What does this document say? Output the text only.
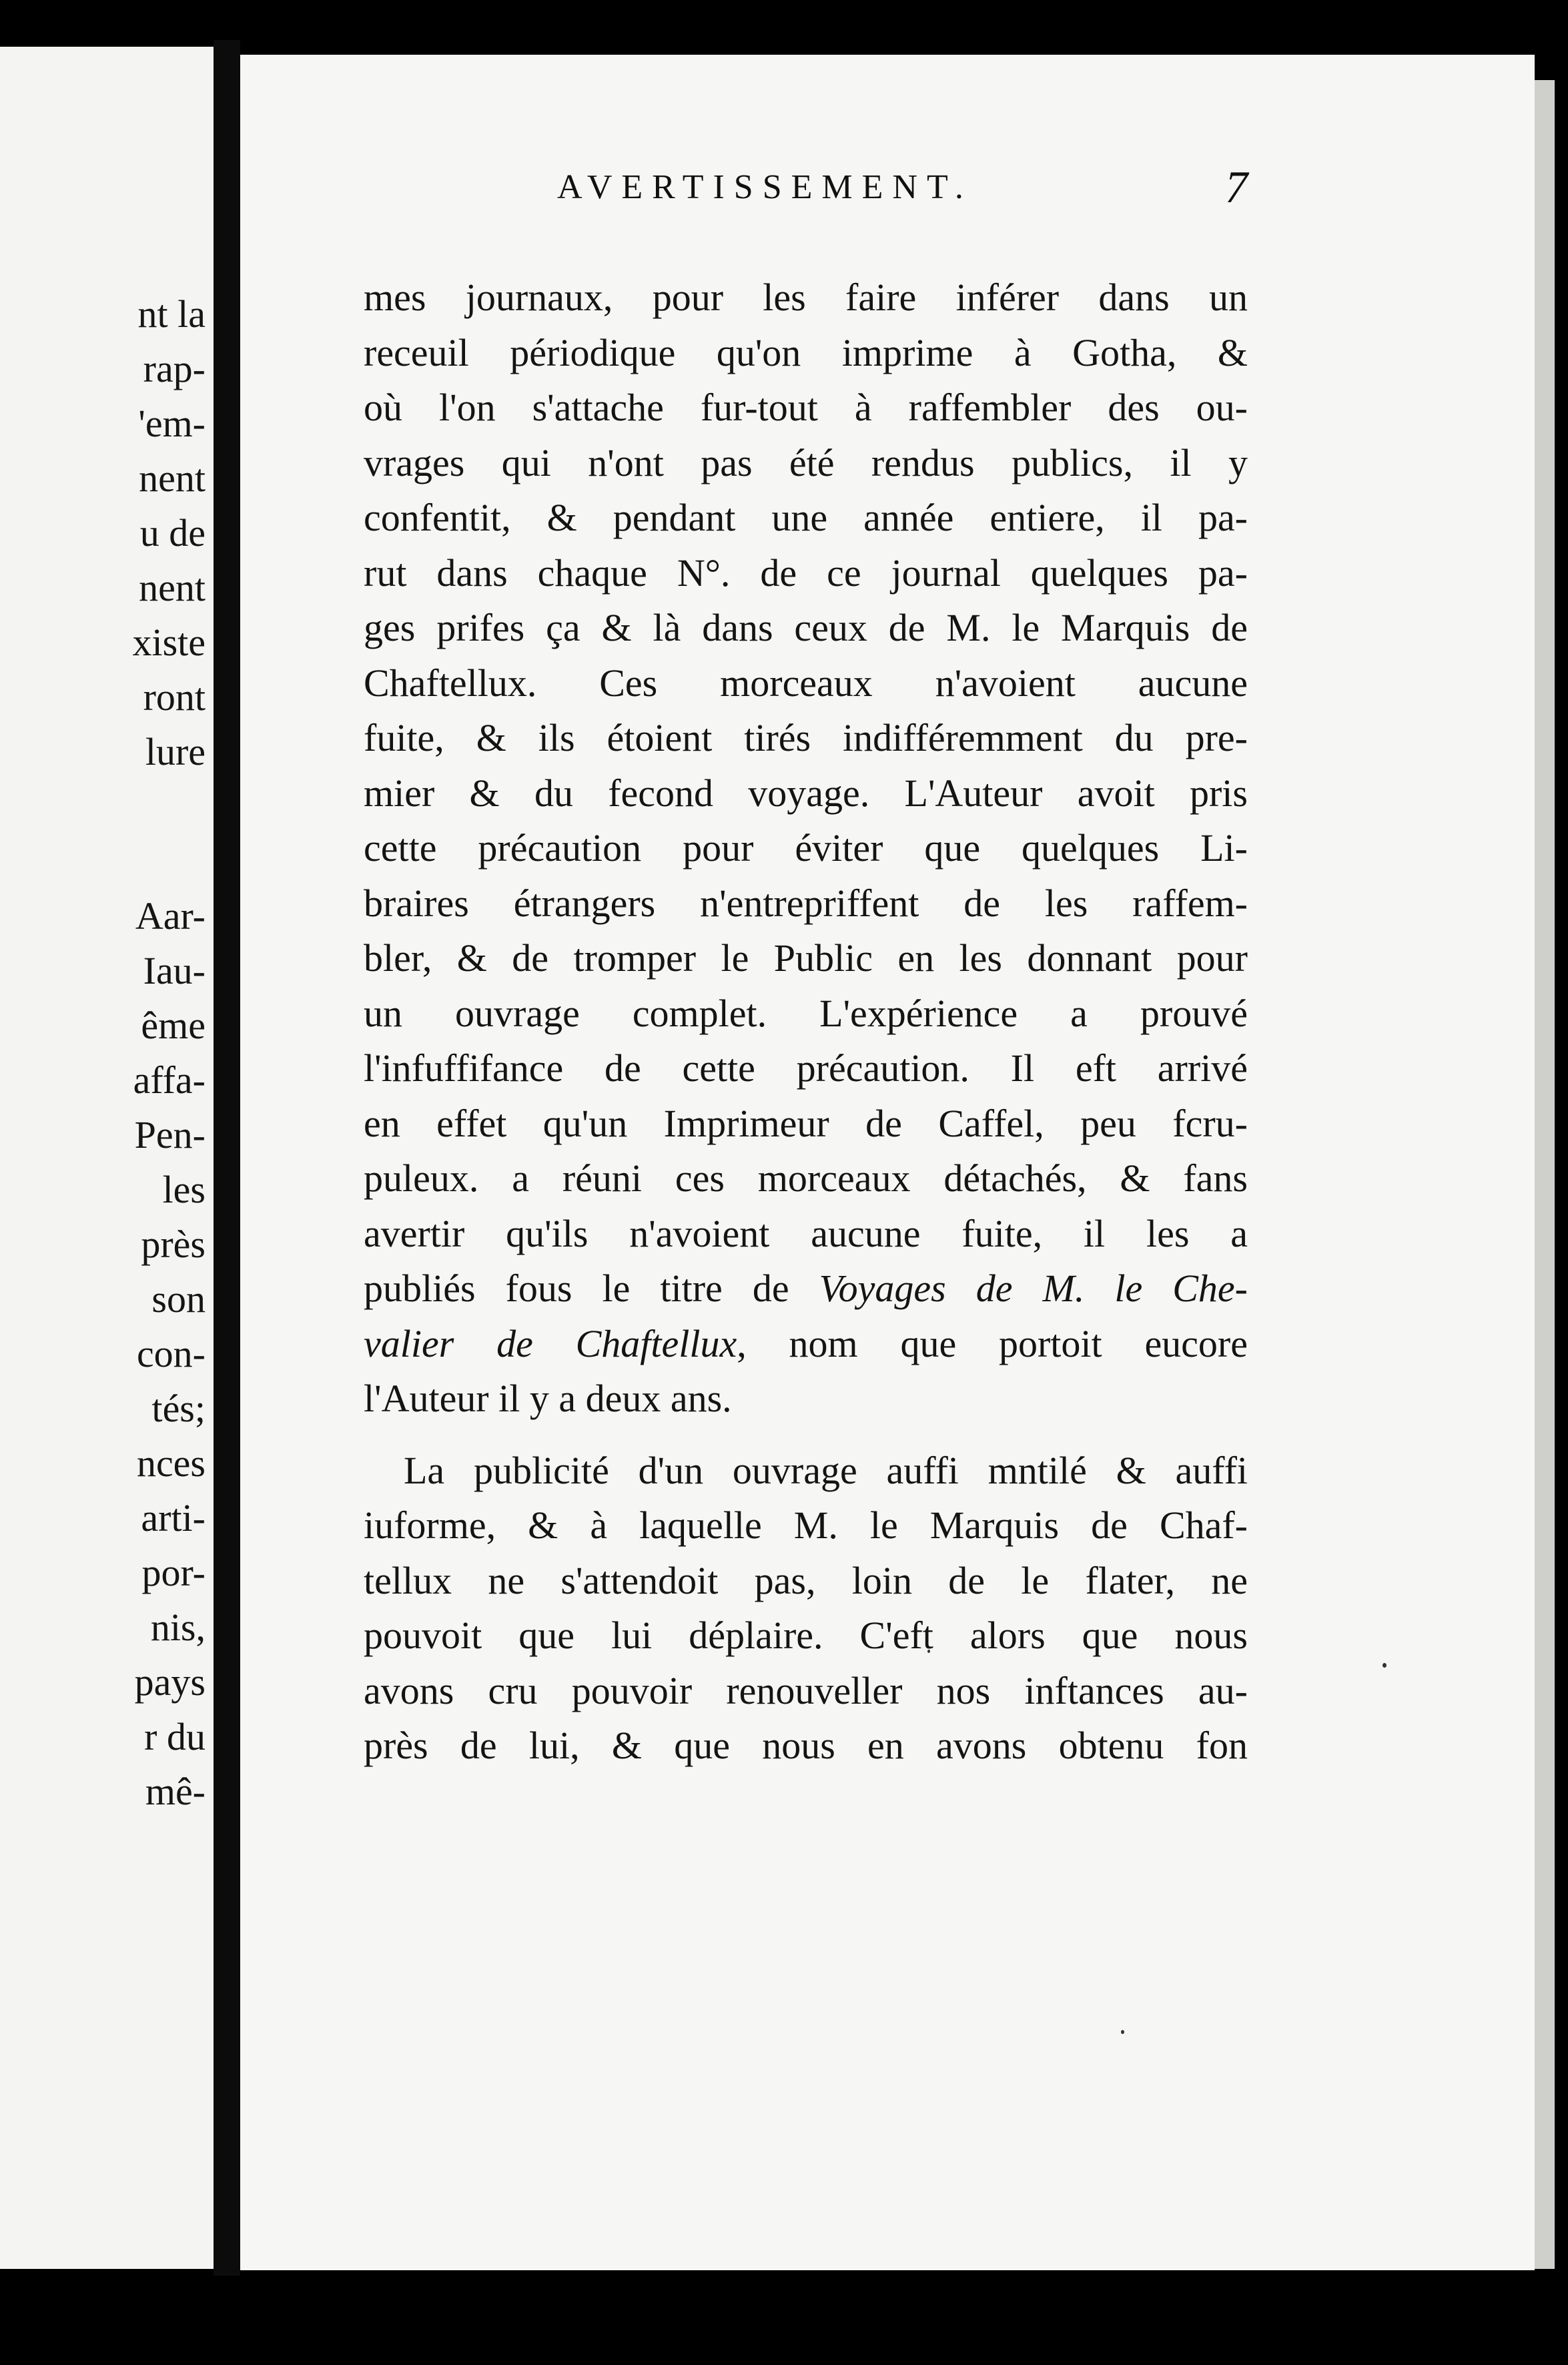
nt la
rap-
'em-
nent
u de
nent
xiste
ront
lure
Aar-
Iau-
ême
affa-
Pen-
les
près
son
con-
tés;
nces
arti-
por-
nis,
pays
r du
mê-
AVERTISSEMENT.	7
mes journaux, pour les faire inférer dans un
receuil périodique qu'on imprime à Gotha, &
où l'on s'attache fur-tout à raffembler des ou-
vrages qui n'ont pas été rendus publics, il y
confentit, & pendant une année entiere, il pa-
rut dans chaque N°. de ce journal quelques pa-
ges prifes ça & là dans ceux de M. le Marquis de
Chaftellux. Ces morceaux n'avoient aucune
fuite, & ils étoient tirés indifféremment du pre-
mier & du fecond voyage. L'Auteur avoit pris
cette précaution pour éviter que quelques Li-
braires étrangers n'entrepriffent de les raffem-
bler, & de tromper le Public en les donnant pour
un ouvrage complet. L'expérience a prouvé
l'infuffifance de cette précaution. Il eft arrivé
en effet qu'un Imprimeur de Caffel, peu fcru-
puleux. a réuni ces morceaux détachés, & fans
avertir qu'ils n'avoient aucune fuite, il les a
publiés fous le titre de Voyages de M. le Che-
valier de Chaftellux, nom que portoit eucore
l'Auteur il y a deux ans.
La publicité d'un ouvrage auffi mntilé & auffi
iuforme, & à laquelle M. le Marquis de Chaf-
tellux ne s'attendoit pas, loin de le flater, ne
pouvoit que lui déplaire. C'eft alors que nous
avons cru pouvoir renouveller nos inftances au-
près de lui, & que nous en avons obtenu fon
